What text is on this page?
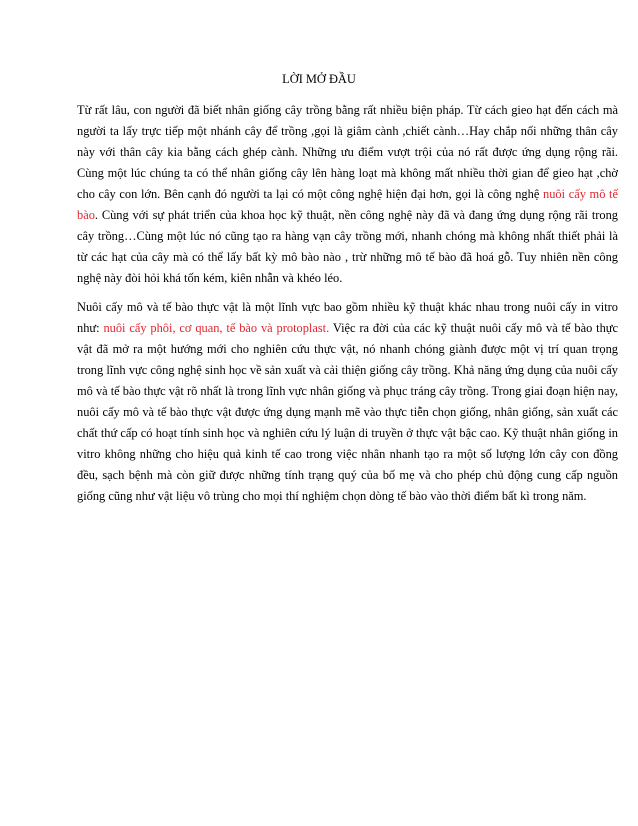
LỜI MỞ ĐẦU

Từ rất lâu, con người đã biết nhân giống cây trồng bằng rất nhiều biện pháp. Từ cách gieo hạt đến cách mà người ta lấy trực tiếp một nhánh cây để trồng ,gọi là giâm cành ,chiết cành…Hay chắp nối những thân cây này với thân cây kia bằng cách ghép cành. Những ưu điểm vượt trội của nó rất được ứng dụng rộng rãi. Cùng một lúc chúng ta có thể nhân giống cây lên hàng loạt mà không mất nhiều thời gian để gieo hạt ,chờ cho cây con lớn. Bên cạnh đó người ta lại có một công nghệ hiện đại hơn, gọi là công nghệ nuôi cấy mô tế bào. Cùng với sự phát triển của khoa học kỹ thuật, nền công nghệ này đã và đang ứng dụng rộng rãi trong cây trồng…Cùng một lúc nó cũng tạo ra hàng vạn cây trồng mới, nhanh chóng mà không nhất thiết phải là từ các hạt của cây mà có thể lấy bất kỳ mô bào nào , trừ những mô tế bào đã hoá gỗ. Tuy nhiên nền công nghệ này đòi hỏi khá tốn kém, kiên nhẫn và khéo léo.

Nuôi cấy mô và tế bào thực vật là một lĩnh vực bao gồm nhiều kỹ thuật khác nhau trong nuôi cấy in vitro như: nuôi cấy phôi, cơ quan, tế bào và protoplast. Việc ra đời của các kỹ thuật nuôi cấy mô và tế bào thực vật đã mở ra một hướng mới cho nghiên cứu thực vật, nó nhanh chóng giành được một vị trí quan trọng trong lĩnh vực công nghệ sinh học về sản xuất và cải thiện giống cây trồng. Khả năng ứng dụng của nuôi cấy mô và tế bào thực vật rõ nhất là trong lĩnh vực nhân giống và phục tráng cây trồng. Trong giai đoạn hiện nay, nuôi cấy mô và tế bào thực vật được ứng dụng mạnh mẽ vào thực tiễn chọn giống, nhân giống, sản xuất các chất thứ cấp có hoạt tính sinh học và nghiên cứu lý luận di truyền ở thực vật bậc cao. Kỹ thuật nhân giống in vitro không những cho hiệu quả kinh tế cao trong việc nhân nhanh tạo ra một số lượng lớn cây con đồng đều, sạch bệnh mà còn giữ được những tính trạng quý của bố mẹ và cho phép chủ động cung cấp nguồn giống cũng như vật liệu vô trùng cho mọi thí nghiệm chọn dòng tế bào vào thời điểm bất kì trong năm.
